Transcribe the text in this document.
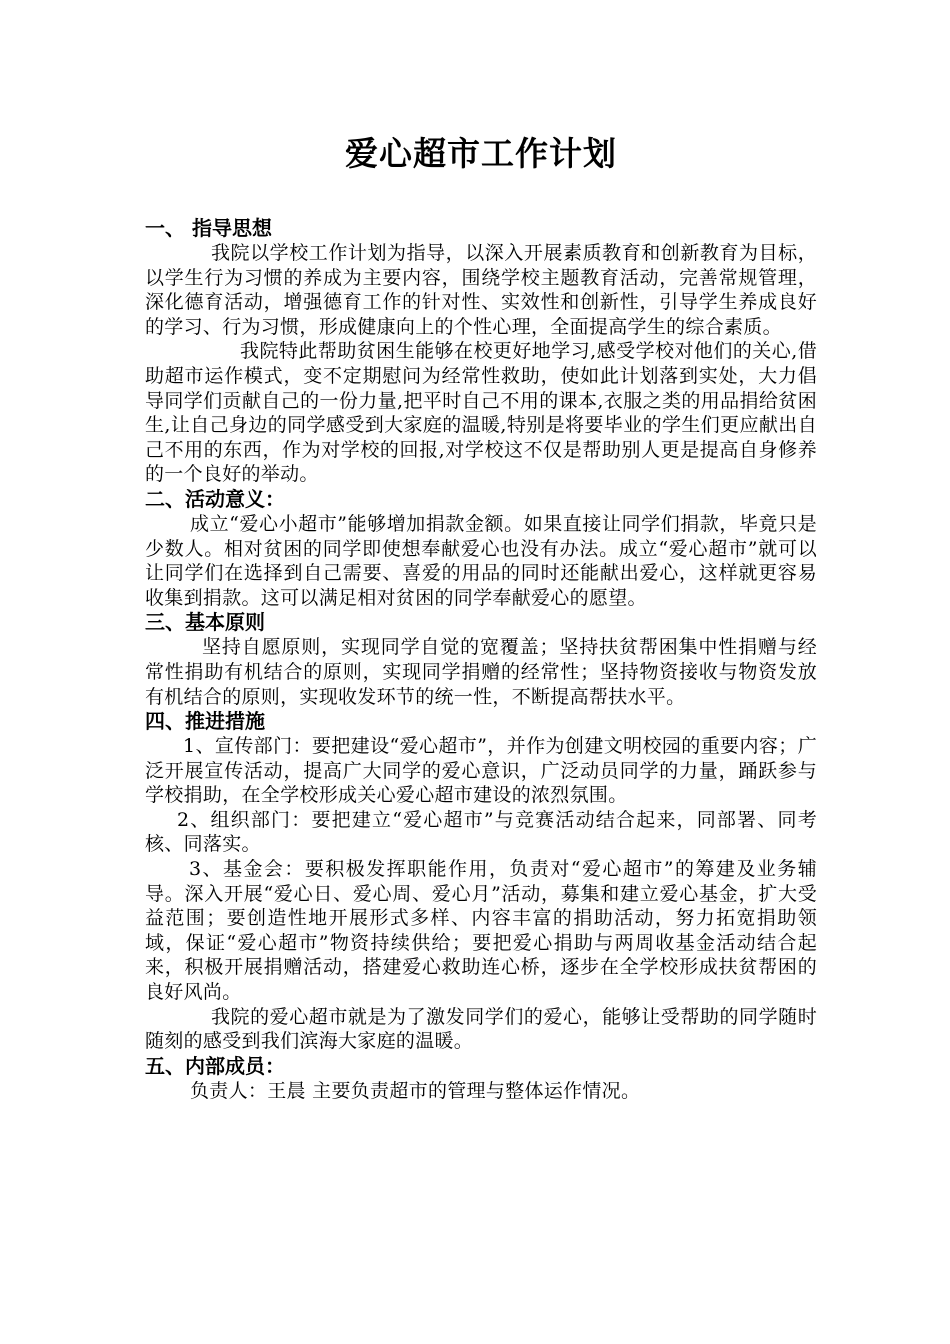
爱心超市工作计划

一、 指导思想

我院以学校工作计划为指导，以深入开展素质教育和创新教育为目标，以学生行为习惯的养成为主要内容，围绕学校主题教育活动，完善常规管理，深化德育活动，增强德育工作的针对性、实效性和创新性，引导学生养成良好的学习、行为习惯，形成健康向上的个性心理，全面提高学生的综合素质。

我院特此帮助贫困生能够在校更好地学习,感受学校对他们的关心,借助超市运作模式，变不定期慰问为经常性救助，使如此计划落到实处，大力倡导同学们贡献自己的一份力量,把平时自己不用的课本,衣服之类的用品捐给贫困生,让自己身边的同学感受到大家庭的温暖,特别是将要毕业的学生们更应献出自己不用的东西，作为对学校的回报,对学校这不仅是帮助别人更是提高自身修养的一个良好的举动。

二、活动意义：

成立“爱心小超市”能够增加捐款金额。如果直接让同学们捐款，毕竟只是少数人。相对贫困的同学即使想奉献爱心也没有办法。成立“爱心超市”就可以让同学们在选择到自己需要、喜爱的用品的同时还能献出爱心，这样就更容易收集到捐款。这可以满足相对贫困的同学奉献爱心的愿望。

三、基本原则

坚持自愿原则，实现同学自觉的宽覆盖；坚持扶贫帮困集中性捐赠与经常性捐助有机结合的原则，实现同学捐赠的经常性；坚持物资接收与物资发放有机结合的原则，实现收发环节的统一性，不断提高帮扶水平。

四、推进措施

1、宣传部门：要把建设“爱心超市”，并作为创建文明校园的重要内容；广泛开展宣传活动，提高广大同学的爱心意识，广泛动员同学的力量，踊跃参与学校捐助，在全学校形成关心爱心超市建设的浓烈氛围。

2、组织部门：要把建立“爱心超市”与竞赛活动结合起来，同部署、同考核、同落实。

3、基金会：要积极发挥职能作用，负责对“爱心超市”的筹建及业务辅导。深入开展“爱心日、爱心周、爱心月”活动，募集和建立爱心基金，扩大受益范围；要创造性地开展形式多样、内容丰富的捐助活动，努力拓宽捐助领域，保证“爱心超市”物资持续供给；要把爱心捐助与两周收基金活动结合起来，积极开展捐赠活动，搭建爱心救助连心桥，逐步在全学校形成扶贫帮困的良好风尚。

我院的爱心超市就是为了激发同学们的爱心，能够让受帮助的同学随时随刻的感受到我们滨海大家庭的温暖。

五、内部成员：

负责人：王晨 主要负责超市的管理与整体运作情况。
